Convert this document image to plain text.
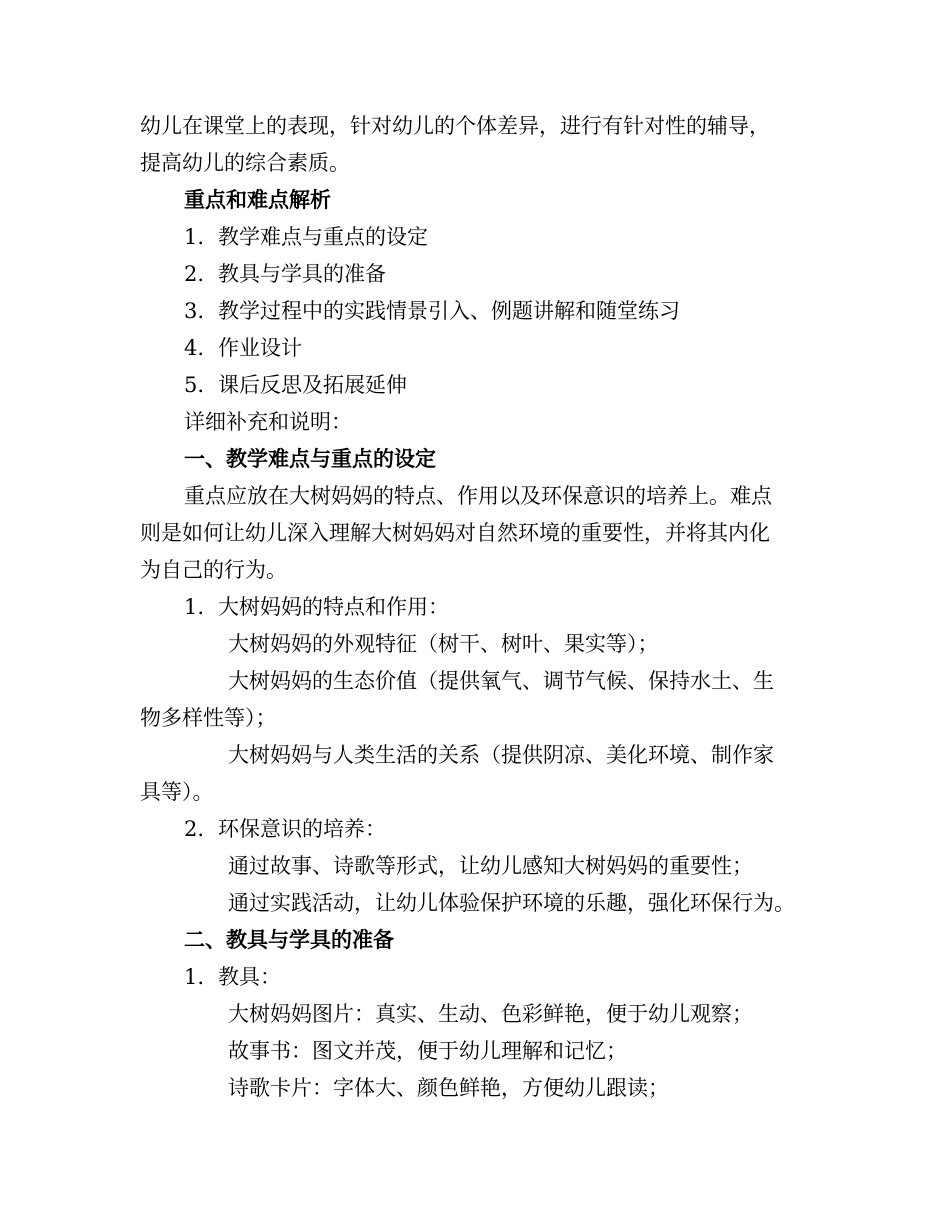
幼儿在课堂上的表现，针对幼儿的个体差异，进行有针对性的辅导，
提高幼儿的综合素质。
重点和难点解析
1. 教学难点与重点的设定
2. 教具与学具的准备
3. 教学过程中的实践情景引入、例题讲解和随堂练习
4. 作业设计
5. 课后反思及拓展延伸
详细补充和说明：
一、教学难点与重点的设定
重点应放在大树妈妈的特点、作用以及环保意识的培养上。难点
则是如何让幼儿深入理解大树妈妈对自然环境的重要性，并将其内化
为自己的行为。
1. 大树妈妈的特点和作用：
大树妈妈的外观特征（树干、树叶、果实等）；
大树妈妈的生态价值（提供氧气、调节气候、保持水土、生
物多样性等）；
大树妈妈与人类生活的关系（提供阴凉、美化环境、制作家
具等）。
2. 环保意识的培养：
通过故事、诗歌等形式，让幼儿感知大树妈妈的重要性；
通过实践活动，让幼儿体验保护环境的乐趣，强化环保行为。
二、教具与学具的准备
1. 教具：
大树妈妈图片：真实、生动、色彩鲜艳，便于幼儿观察；
故事书：图文并茂，便于幼儿理解和记忆；
诗歌卡片：字体大、颜色鲜艳，方便幼儿跟读；
